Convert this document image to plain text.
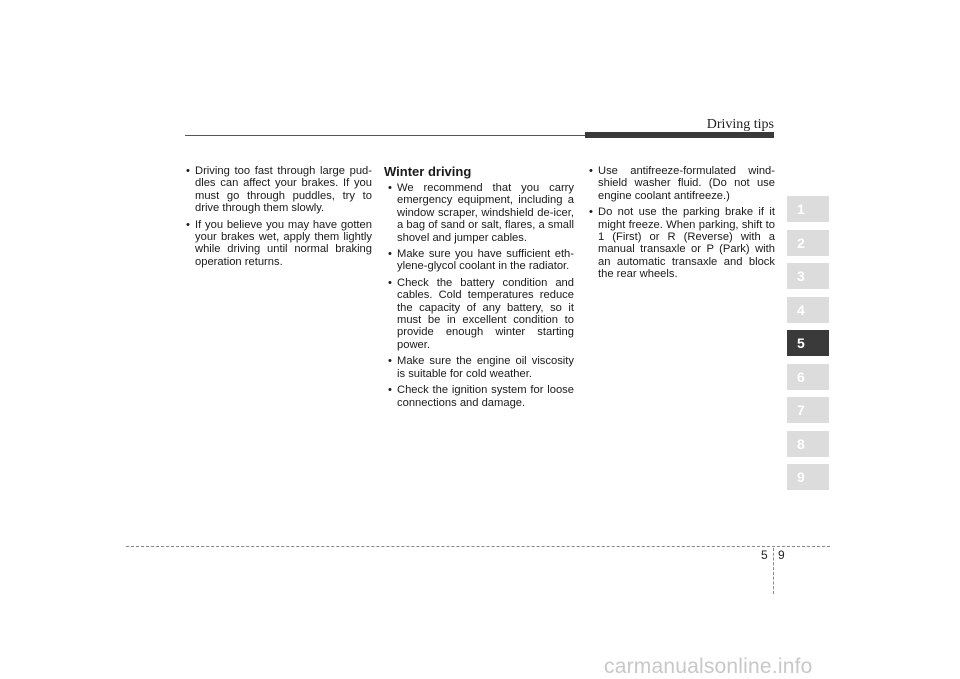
Driving tips
• Driving too fast through large pud-dles can affect your brakes. If you must go through puddles, try to drive through them slowly.
• If you believe you may have gotten your brakes wet, apply them lightly while driving until normal braking operation returns.
Winter driving
• We recommend that you carry emergency equipment, including a window scraper, windshield de-icer, a bag of sand or salt, flares, a small shovel and jumper cables.
• Make sure you have sufficient eth-ylene-glycol coolant in the radiator.
• Check the battery condition and cables. Cold temperatures reduce the capacity of any battery, so it must be in excellent condition to provide enough winter starting power.
• Make sure the engine oil viscosity is suitable for cold weather.
• Check the ignition system for loose connections and damage.
• Use antifreeze-formulated wind-shield washer fluid. (Do not use engine coolant antifreeze.)
• Do not use the parking brake if it might freeze. When parking, shift to 1 (First) or R (Reverse) with a manual transaxle or P (Park) with an automatic transaxle and block the rear wheels.
1
2
3
4
5
6
7
8
9
5 9
carmanualsonline.info
